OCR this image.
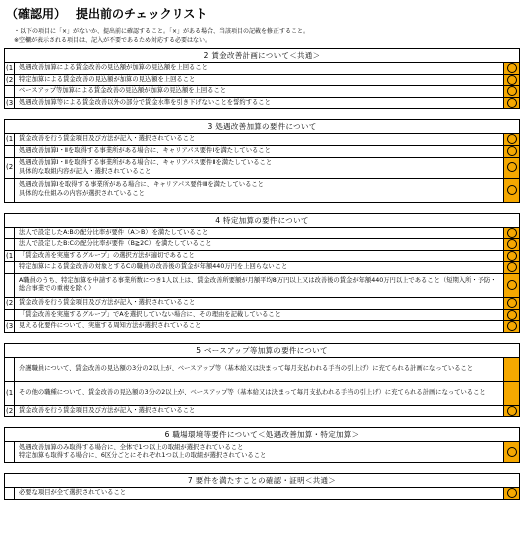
（確認用） 提出前のチェックリスト
・以下の項目に「×」がないか、提出前に確認すること。「×」がある場合、当該項目の記載を修正すること。
※空欄が表示される項目は、記入が不要であるため対応する必要はない。
2 賃金改善計画について＜共通＞
(1	処遇改善加算による賃金改善の見込額が加算の見込額を上回ること	
(2	特定加算による賃金改善の見込額が加算の見込額を上回ること	
	ベースアップ等加算による賃金改善の見込額が加算の見込額を上回ること	
(3	処遇改善加算等による賃金改善以外の部分で賃金水準を引き下げないことを誓約すること	
3 処遇改善加算の要件について
(1	賃金改善を行う賃金項目及び方法が記入・選択されていること	
	処遇改善加算Ⅰ・Ⅱを取得する事業所がある場合に、キャリアパス要件Ⅰを満たしていること	
(2	処遇改善加算Ⅰ・Ⅱを取得する事業所がある場合に、キャリアパス要件Ⅱを満たしていること
具体的な取組内容が記入・選択されていること	

	処遇改善加算Ⅰを取得する事業所がある場合に、キャリアパス要件Ⅲを満たしていること
具体的な仕組みの内容が選択されていること	

4 特定加算の要件について
	法人で設定したA:Bの配分比率が要件（A＞B）を満たしていること	
	法人で設定したB:Cの配分比率が要件（B≧2C）を満たしていること	
(1	「賃金改善を実施するグループ」の選択方法が適切であること	
	特定加算による賃金改善の対象とするCの職員の改善後の賃金が年額440万円を上回らないこと	
	A職員のうち、特定加算を申請する事業所数につき1人以上は、賃金改善所要額が月額平均8万円以上又は改善後の賃金が年額440万円以上であること（短期入所・予防・総合事業での重複を除く）	
(2	賃金改善を行う賃金項目及び方法が記入・選択されていること	
	「賃金改善を実施するグループ」でAを選択していない場合に、その理由を記載していること	
(3	見える化要件について、実施する周知方法が選択されていること	
5 ベースアップ等加算の要件について
	介護職員について、賃金改善の見込額の3分の2以上が、ベースアップ等（基本給又は決まって毎月支払われる手当の引上げ）に充てられる計画になっていること	
(1	その他の職種について、賃金改善の見込額の3分の2以上が、ベースアップ等（基本給又は決まって毎月支払われる手当の引上げ）に充てられる計画になっていること	
(2	賃金改善を行う賃金項目及び方法が記入・選択されていること	
6 職場環境等要件について＜処遇改善加算・特定加算＞

処遇改善加算のみ取得する場合に、全体で1つ以上の取組が選択されていること
特定加算も取得する場合に、6区分ごとにそれぞれ1つ以上の取組が選択されていること

7 要件を満たすことの確認・証明＜共通＞
	必要な項目が全て選択されていること	
